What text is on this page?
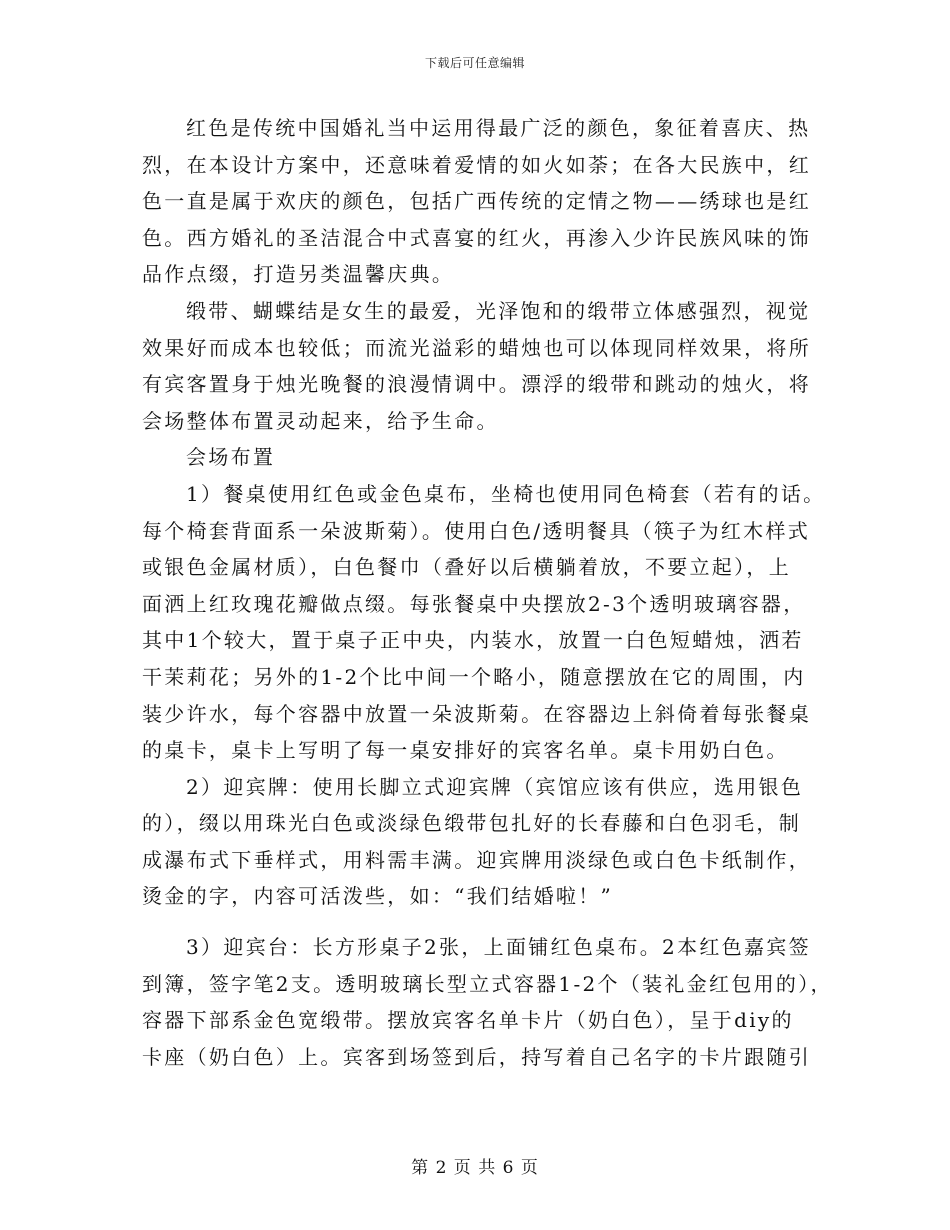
下载后可任意编辑
红色是传统中国婚礼当中运用得最广泛的颜色，象征着喜庆、热
烈，在本设计方案中，还意味着爱情的如火如荼；在各大民族中，红
色一直是属于欢庆的颜色，包括广西传统的定情之物——绣球也是红
色。西方婚礼的圣洁混合中式喜宴的红火，再渗入少许民族风味的饰
品作点缀，打造另类温馨庆典。
缎带、蝴蝶结是女生的最爱，光泽饱和的缎带立体感强烈，视觉
效果好而成本也较低；而流光溢彩的蜡烛也可以体现同样效果，将所
有宾客置身于烛光晚餐的浪漫情调中。漂浮的缎带和跳动的烛火，将
会场整体布置灵动起来，给予生命。
会场布置
1）餐桌使用红色或金色桌布，坐椅也使用同色椅套（若有的话。
每个椅套背面系一朵波斯菊）。使用白色/透明餐具（筷子为红木样式
或银色金属材质），白色餐巾（叠好以后横躺着放，不要立起），上
面洒上红玫瑰花瓣做点缀。每张餐桌中央摆放2-3个透明玻璃容器，
其中1个较大，置于桌子正中央，内装水，放置一白色短蜡烛，洒若
干茉莉花；另外的1-2个比中间一个略小，随意摆放在它的周围，内
装少许水，每个容器中放置一朵波斯菊。在容器边上斜倚着每张餐桌
的桌卡，桌卡上写明了每一桌安排好的宾客名单。桌卡用奶白色。
2）迎宾牌：使用长脚立式迎宾牌（宾馆应该有供应，选用银色
的），缀以用珠光白色或淡绿色缎带包扎好的长春藤和白色羽毛，制
成瀑布式下垂样式，用料需丰满。迎宾牌用淡绿色或白色卡纸制作，
烫金的字，内容可活泼些，如：“我们结婚啦！”
3）迎宾台：长方形桌子2张，上面铺红色桌布。2本红色嘉宾签
到簿，签字笔2支。透明玻璃长型立式容器1-2个（装礼金红包用的），
容器下部系金色宽缎带。摆放宾客名单卡片（奶白色），呈于diy的
卡座（奶白色）上。宾客到场签到后，持写着自己名字的卡片跟随引
第 2 页 共 6 页
